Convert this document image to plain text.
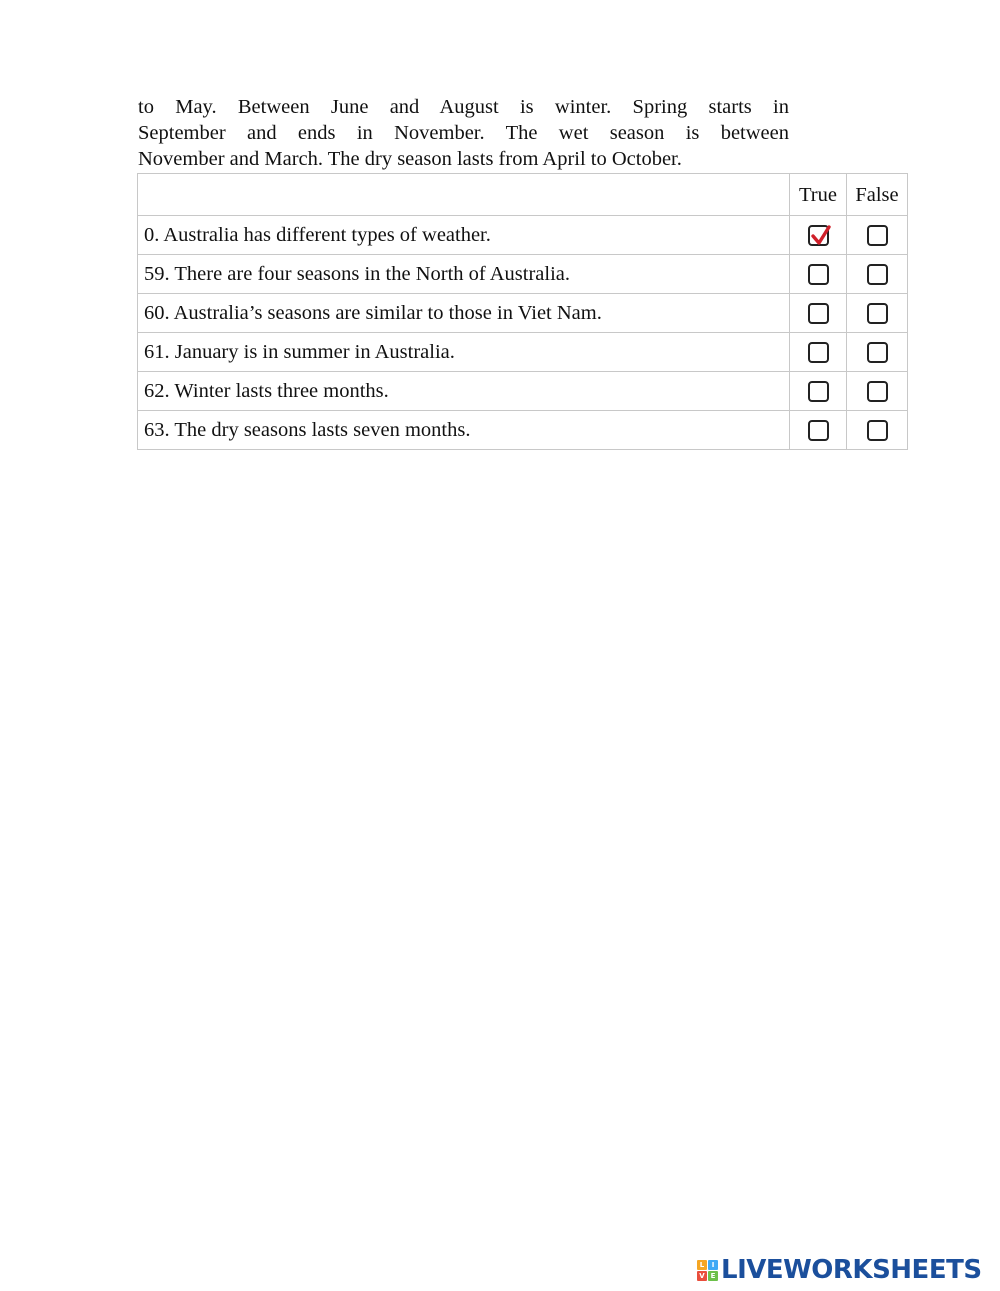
to May. Between June and August is winter. Spring starts in
September and ends in November. The wet season is between
November and March. The dry season lasts from April to October.
	True	False
0. Australia has different types of weather.	

59. There are four seasons in the North of Australia.		
60. Australia’s seasons are similar to those in Viet Nam.		
61. January is in summer in Australia.		
62. Winter lasts three months.		
63. The dry seasons lasts seven months.		
L	I
V E LIVEWORKSHEETS
